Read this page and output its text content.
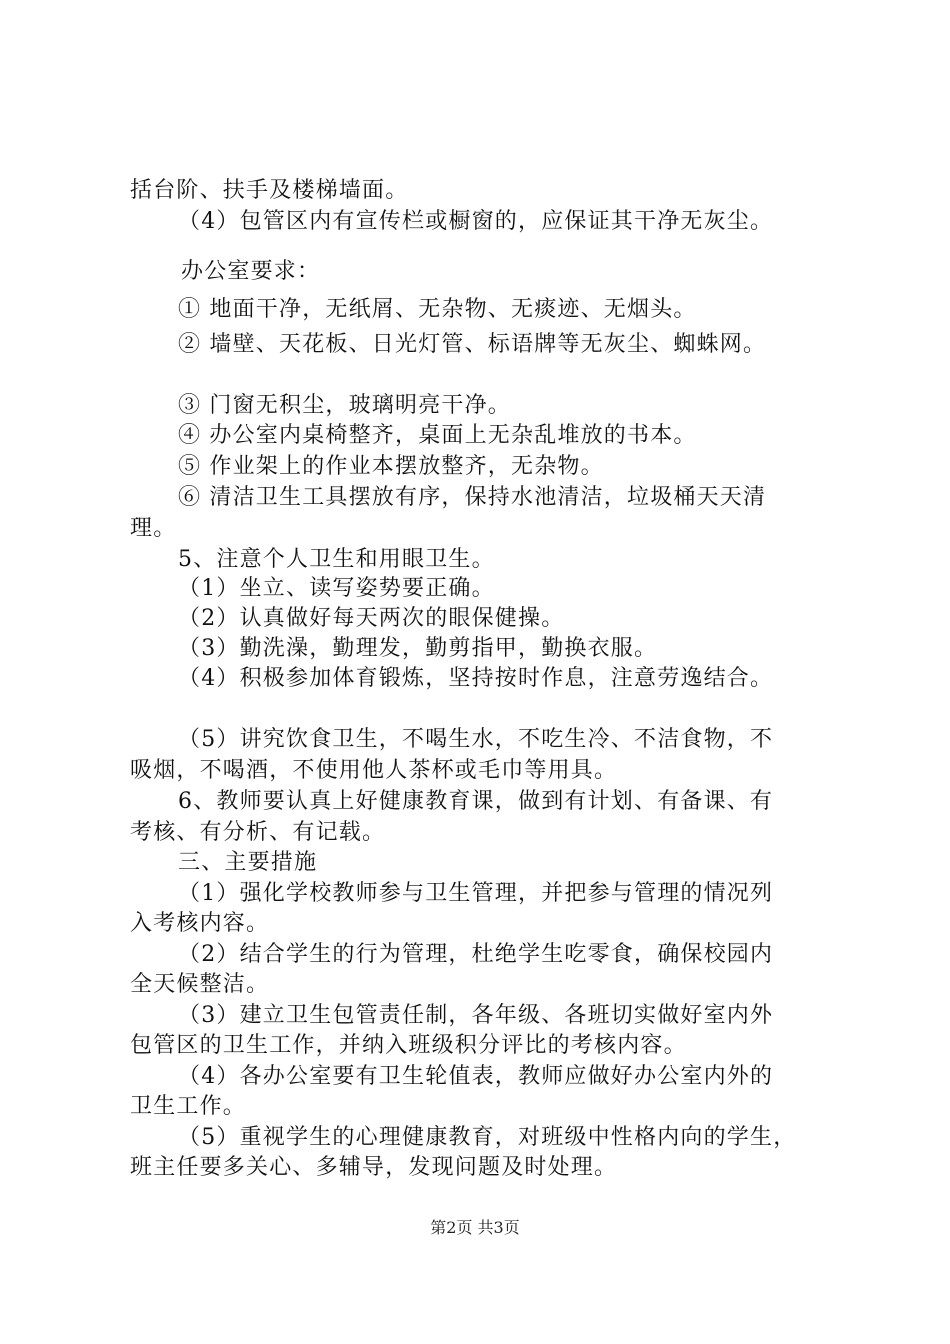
括台阶、扶手及楼梯墙面。
（4）包管区内有宣传栏或橱窗的，应保证其干净无灰尘。
办公室要求：
① 地面干净，无纸屑、无杂物、无痰迹、无烟头。
② 墙壁、天花板、日光灯管、标语牌等无灰尘、蜘蛛网。
③ 门窗无积尘，玻璃明亮干净。
④ 办公室内桌椅整齐，桌面上无杂乱堆放的书本。
⑤ 作业架上的作业本摆放整齐，无杂物。
⑥ 清洁卫生工具摆放有序，保持水池清洁，垃圾桶天天清
理。
5、注意个人卫生和用眼卫生。
（1）坐立、读写姿势要正确。
（2）认真做好每天两次的眼保健操。
（3）勤洗澡，勤理发，勤剪指甲，勤换衣服。
（4）积极参加体育锻炼，坚持按时作息，注意劳逸结合。
（5）讲究饮食卫生，不喝生水，不吃生冷、不洁食物，不
吸烟，不喝酒，不使用他人茶杯或毛巾等用具。
6、教师要认真上好健康教育课，做到有计划、有备课、有
考核、有分析、有记载。
三、主要措施
（1）强化学校教师参与卫生管理，并把参与管理的情况列
入考核内容。
（2）结合学生的行为管理，杜绝学生吃零食，确保校园内
全天候整洁。
（3）建立卫生包管责任制，各年级、各班切实做好室内外
包管区的卫生工作，并纳入班级积分评比的考核内容。
（4）各办公室要有卫生轮值表，教师应做好办公室内外的
卫生工作。
（5）重视学生的心理健康教育，对班级中性格内向的学生，
班主任要多关心、多辅导，发现问题及时处理。
第2页 共3页
